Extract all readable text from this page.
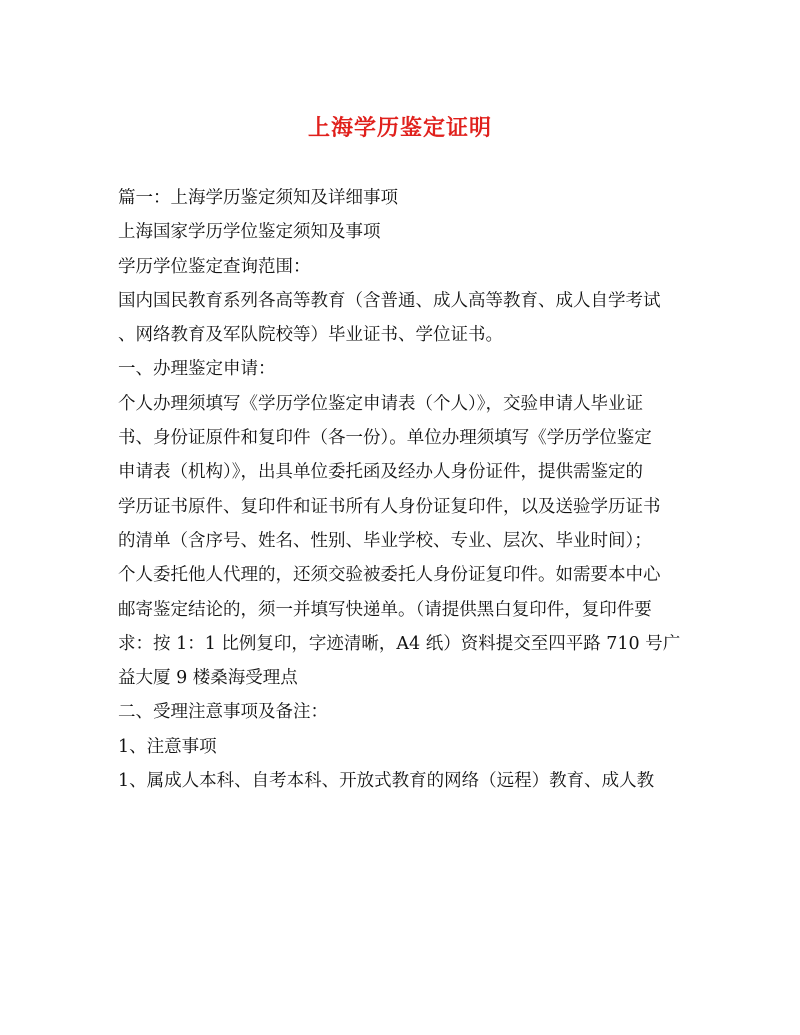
上海学历鉴定证明
篇一：上海学历鉴定须知及详细事项
上海国家学历学位鉴定须知及事项
学历学位鉴定查询范围：
国内国民教育系列各高等教育（含普通、成人高等教育、成人自学考试
、网络教育及军队院校等）毕业证书、学位证书。
一、办理鉴定申请：
个人办理须填写《学历学位鉴定申请表（个人）》，交验申请人毕业证
书、身份证原件和复印件（各一份）。单位办理须填写《学历学位鉴定
申请表（机构）》，出具单位委托函及经办人身份证件，提供需鉴定的
学历证书原件、复印件和证书所有人身份证复印件，以及送验学历证书
的清单（含序号、姓名、性别、毕业学校、专业、层次、毕业时间）；
个人委托他人代理的，还须交验被委托人身份证复印件。如需要本中心
邮寄鉴定结论的，须一并填写快递单。（请提供黑白复印件，复印件要
求：按 1：1 比例复印，字迹清晰，A4 纸）资料提交至四平路 710 号广
益大厦 9 楼桑海受理点
二、受理注意事项及备注：
1、注意事项
1、属成人本科、自考本科、开放式教育的网络（远程）教育、成人教
